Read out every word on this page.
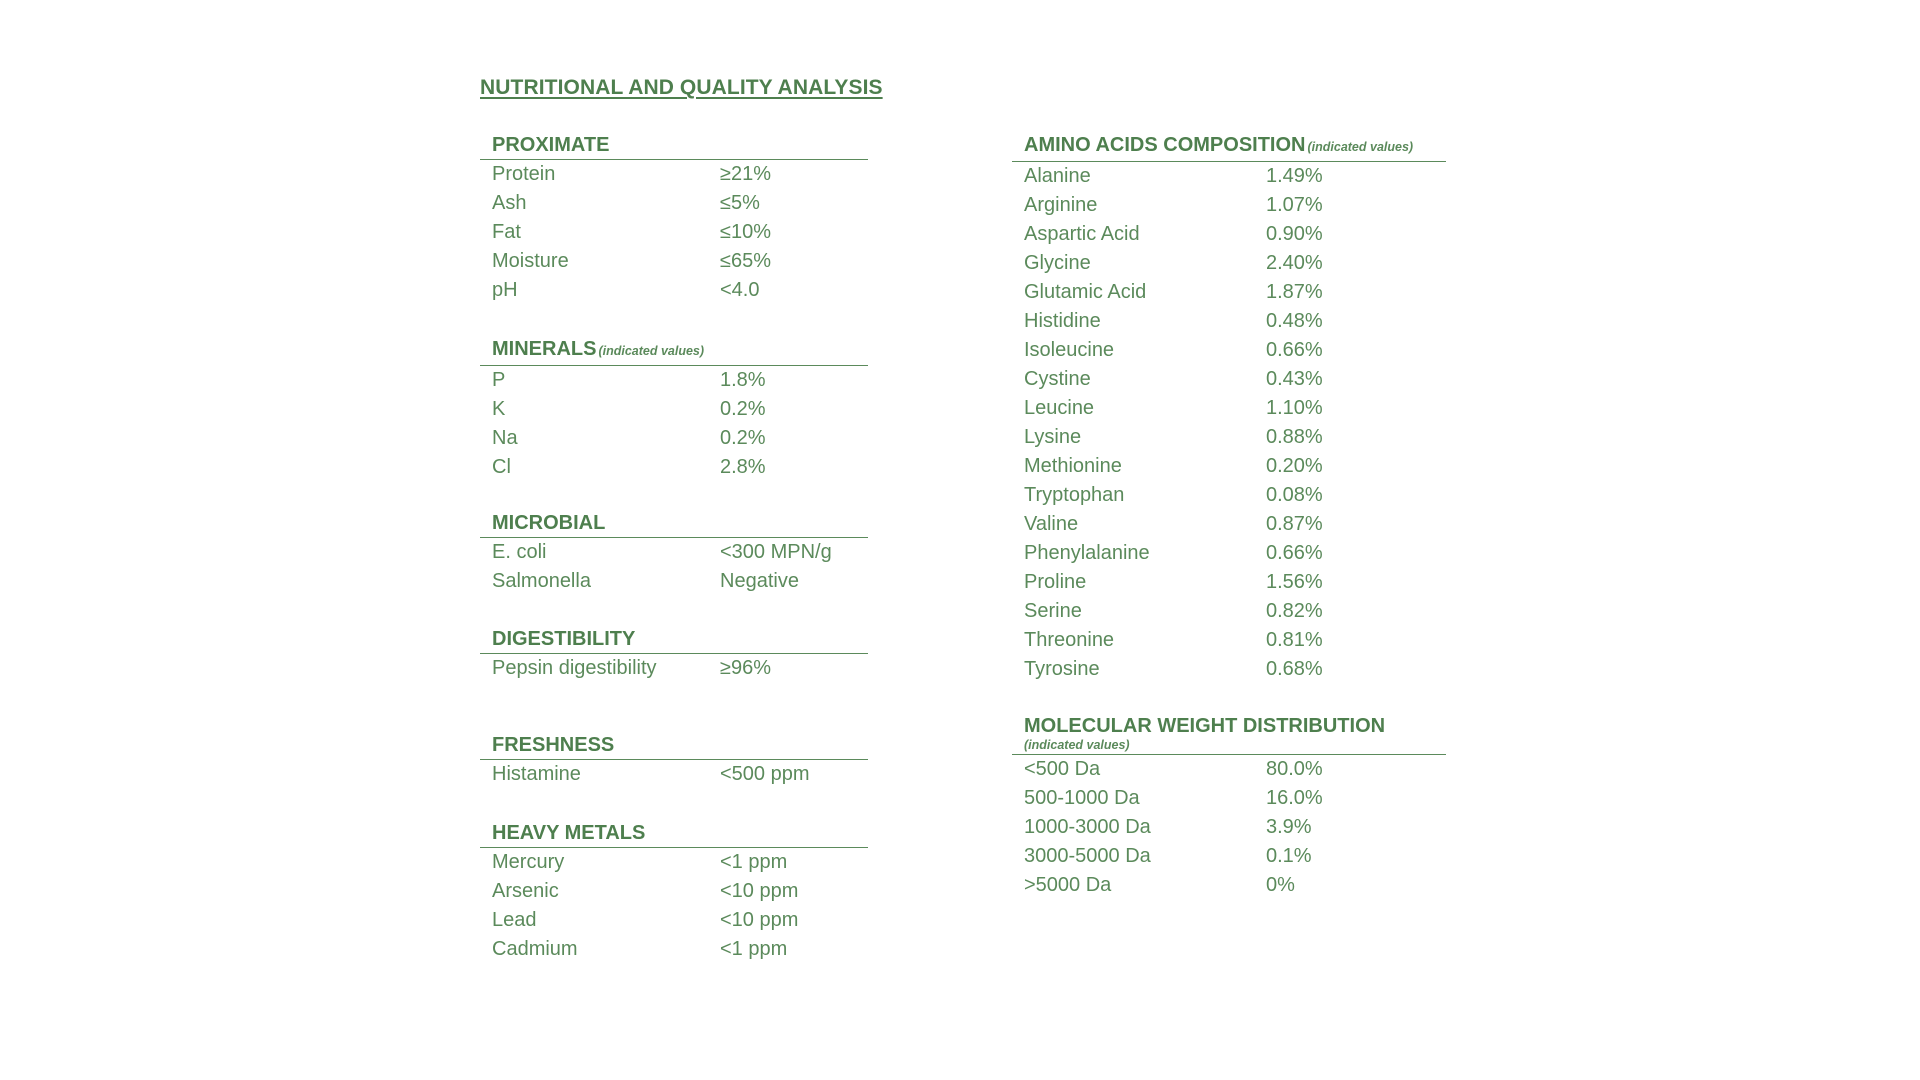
NUTRITIONAL AND QUALITY ANALYSIS
PROXIMATE
Protein	≥21%
Ash	≤5%
Fat	≤10%
Moisture	≤65%
pH	<4.0
MINERALS (indicated values)
P	1.8%
K	0.2%
Na	0.2%
Cl	2.8%
MICROBIAL
E. coli	<300 MPN/g
Salmonella	Negative
DIGESTIBILITY
Pepsin digestibility	≥96%
FRESHNESS
Histamine	<500 ppm
HEAVY METALS
Mercury	<1 ppm
Arsenic	<10 ppm
Lead	<10 ppm
Cadmium	<1 ppm
AMINO ACIDS COMPOSITION (indicated values)
Alanine	1.49%
Arginine	1.07%
Aspartic Acid	0.90%
Glycine	2.40%
Glutamic Acid	1.87%
Histidine	0.48%
Isoleucine	0.66%
Cystine	0.43%
Leucine	1.10%
Lysine	0.88%
Methionine	0.20%
Tryptophan	0.08%
Valine	0.87%
Phenylalanine	0.66%
Proline	1.56%
Serine	0.82%
Threonine	0.81%
Tyrosine	0.68%
MOLECULAR WEIGHT DISTRIBUTION
(indicated values)
<500 Da	80.0%
500-1000 Da	16.0%
1000-3000 Da	3.9%
3000-5000 Da	0.1%
>5000 Da	0%
